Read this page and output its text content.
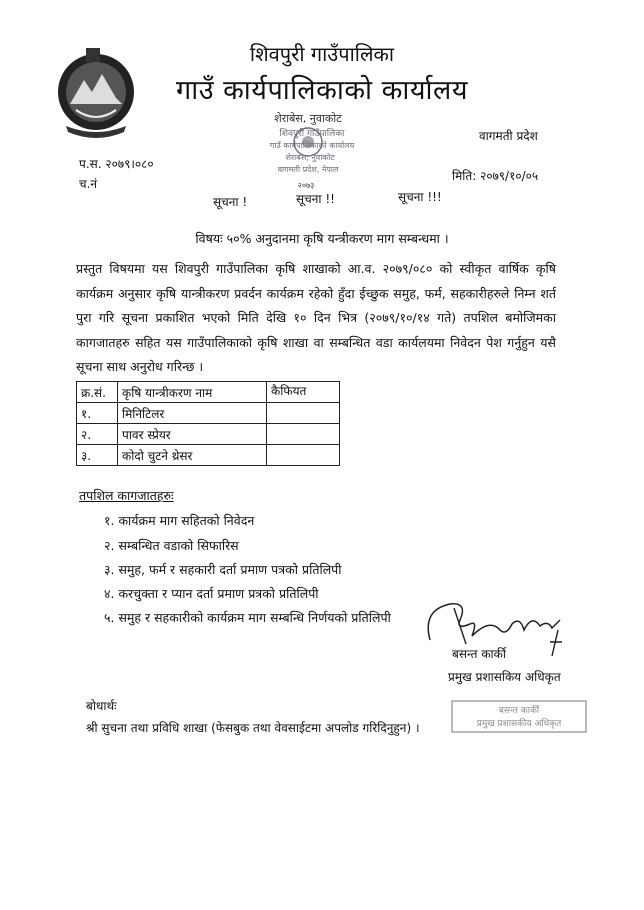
शिवपुरी गाउँपालिका
गाउँ कार्यपालिकाको कार्यालय
शेराबेस, नुवाकोट
शिवपुरी गाउँपालिका
गाउँ कार्यपालिकाको कार्यालय
शेराबस, नुवाकोट
वागमती प्रदेश, नेपाल
२०७३
वागमती प्रदेश
प.स. २०७९।०८०
च.नं
मिति: २०७९/१०/०५
सूचना !	सूचना !!	सूचना !!!
विषयः ५०% अनुदानमा कृषि यन्त्रीकरण माग सम्बन्धमा ।
प्रस्तुत विषयमा यस शिवपुरी गाउँपालिका कृषि शाखाको आ.व. २०७९/०८० को स्वीकृत वार्षिक कृषि कार्यक्रम अनुसार कृषि यान्त्रीकरण प्रवर्दन कार्यक्रम रहेको हुँदा ईच्छुक समुह, फर्म, सहकारीहरुले निम्न शर्त पुरा गरि सूचना प्रकाशित भएको मिति देखि १० दिन भित्र (२०७९/१०/१४ गते) तपशिल बमोजिमका कागजातहरु सहित यस गाउँपालिकाको कृषि शाखा वा सम्बन्धित वडा कार्यलयमा निवेदन पेश गर्नुहुन यसै सूचना साथ अनुरोध गरिन्छ ।
क्र.सं.	कृषि यान्त्रीकरण नाम	कैफियत
१.	मिनिटिलर	
२.	पावर स्प्रेयर	
३.	कोदो चुटने थ्रेसर	
तपशिल कागजातहरुः
१. कार्यक्रम माग सहितको निवेदन
२. सम्बन्धित वडाको सिफारिस
३. समुह, फर्म र सहकारी दर्ता प्रमाण पत्रको प्रतिलिपी
४. करचुक्ता र प्यान दर्ता प्रमाण प्रत्रको प्रतिलिपी
५. समुह र सहकारीको कार्यक्रम माग सम्बन्धि निर्णयको प्रतिलिपी
बसन्त कार्की
प्रमुख प्रशासकिय अधिकृत
बोधार्थः
श्री सुचना तथा प्रविधि शाखा (फेसबुक तथा वेवसाईटमा अपलोड गरिदिनुहुन) ।
बसन्त कार्की
प्रमुख प्रशासकीय अधिकृत
